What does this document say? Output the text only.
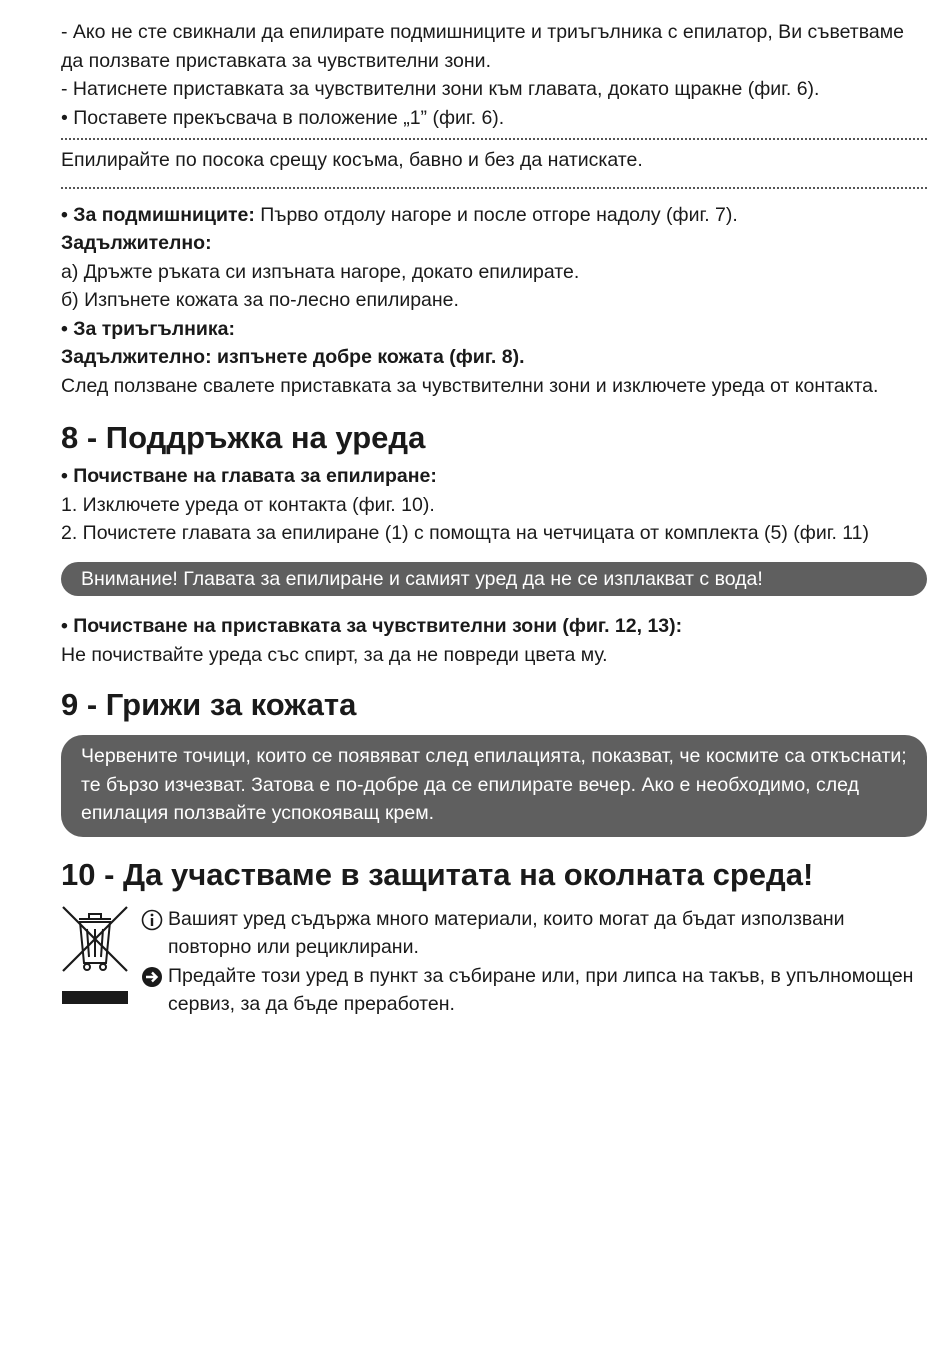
- Ако не сте свикнали да епилирате подмишниците и триъгълника с епилатор, Ви съветваме да ползвате приставката за чувствителни зони.

- Натиснете приставката за чувствителни зони към главата, докато щракне (фиг. 6).

• Поставете прекъсвача в положение „1” (фиг. 6).

Епилирайте по посока срещу косъма, бавно и без да натискате.

• За подмишниците: Първо отдолу нагоре и после отгоре надолу (фиг. 7).

Задължително:

а) Дръжте ръката си изпъната нагоре, докато епилирате.

б) Изпънете кожата за по-лесно епилиране.

• За триъгълника:

Задължително: изпънете добре кожата (фиг. 8).

След ползване свалете приставката за чувствителни зони и изключете уреда от контакта.

8 - Поддръжка на уреда

• Почистване на главата за епилиране:

1. Изключете уреда от контакта (фиг. 10).

2. Почистете главата за епилиране (1) с помощта на четчицата от комплекта (5) (фиг. 11)

Внимание! Главата за епилиране и самият уред да не се изплакват с вода!

• Почистване на приставката за чувствителни зони (фиг. 12, 13):

Не почиствайте уреда със спирт, за да не повреди цвета му.

9 - Грижи за кожата
Червените точици, които се появяват след епилацията, показват, че космите са откъснати; те бързо изчезват. Затова е по-добре да се епилирате вечер. Ако е необходимо, след епилация ползвайте успокояващ крем.
10 - Да участваме в защитата на околната среда!
Вашият уред съдържа много материали, които могат да бъдат използвани повторно или рециклирани.
Предайте този уред в пункт за събиране или, при липса на такъв, в упълномощен сервиз, за да бъде преработен.
